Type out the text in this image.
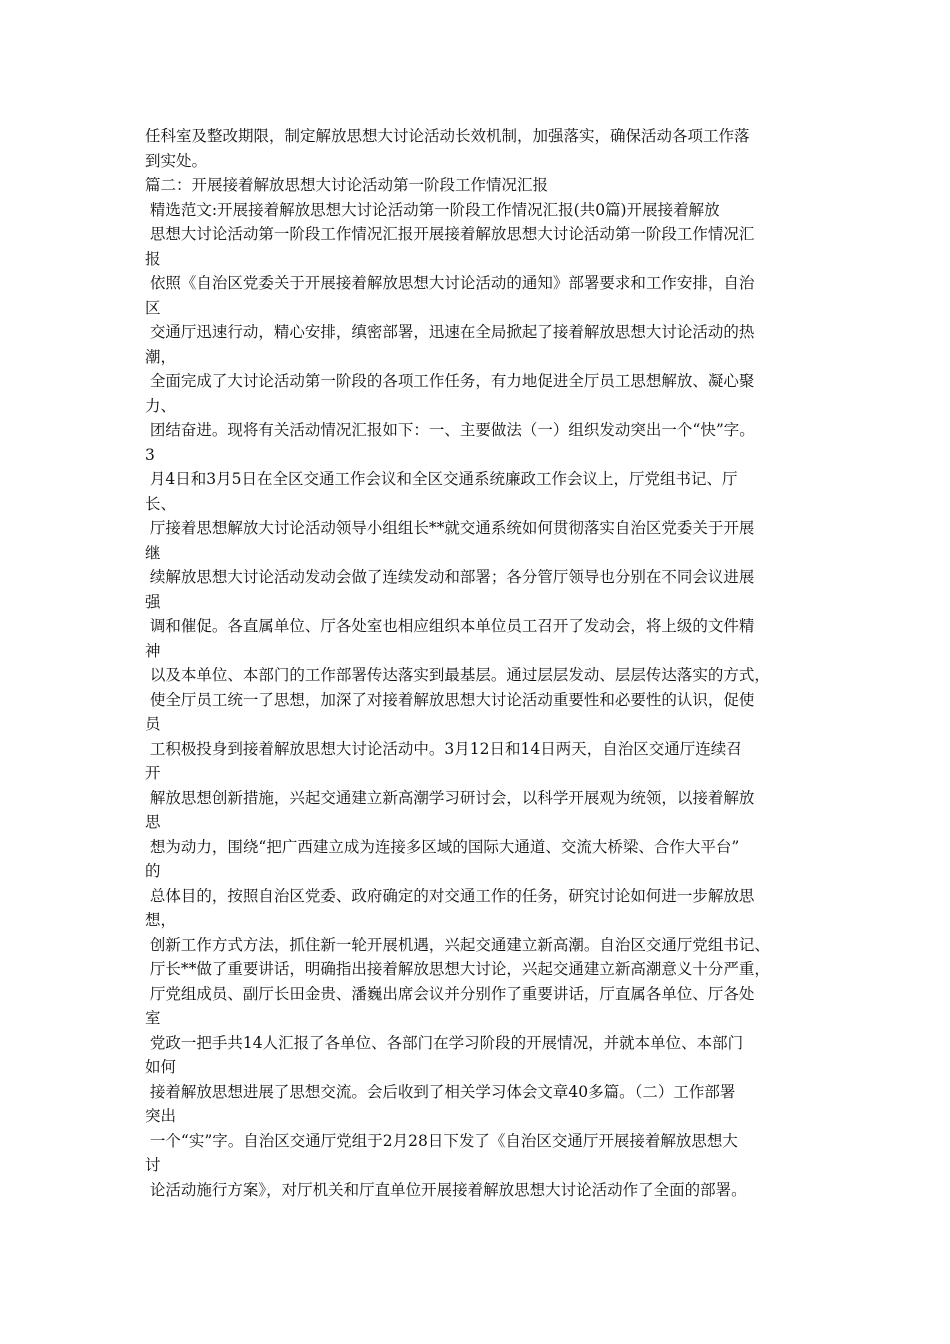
任科室及整改期限，制定解放思想大讨论活动长效机制，加强落实，确保活动各项工作落
到实处。
篇二：开展接着解放思想大讨论活动第一阶段工作情况汇报
精选范文:开展接着解放思想大讨论活动第一阶段工作情况汇报(共0篇)开展接着解放
思想大讨论活动第一阶段工作情况汇报开展接着解放思想大讨论活动第一阶段工作情况汇
报
依照《自治区党委关于开展接着解放思想大讨论活动的通知》部署要求和工作安排，自治
区
交通厅迅速行动，精心安排，缜密部署，迅速在全局掀起了接着解放思想大讨论活动的热
潮，
全面完成了大讨论活动第一阶段的各项工作任务，有力地促进全厅员工思想解放、凝心聚
力、
团结奋进。现将有关活动情况汇报如下：一、主要做法（一）组织发动突出一个“快”字。
3
月4日和3月5日在全区交通工作会议和全区交通系统廉政工作会议上，厅党组书记、厅
长、
厅接着思想解放大讨论活动领导小组组长**就交通系统如何贯彻落实自治区党委关于开展
继
续解放思想大讨论活动发动会做了连续发动和部署；各分管厅领导也分别在不同会议进展
强
调和催促。各直属单位、厅各处室也相应组织本单位员工召开了发动会，将上级的文件精
神
以及本单位、本部门的工作部署传达落实到最基层。通过层层发动、层层传达落实的方式，
使全厅员工统一了思想，加深了对接着解放思想大讨论活动重要性和必要性的认识，促使
员
工积极投身到接着解放思想大讨论活动中。3月12日和14日两天，自治区交通厅连续召
开
解放思想创新措施，兴起交通建立新高潮学习研讨会，以科学开展观为统领，以接着解放
思
想为动力，围绕“把广西建立成为连接多区域的国际大通道、交流大桥梁、合作大平台”
的
总体目的，按照自治区党委、政府确定的对交通工作的任务，研究讨论如何进一步解放思
想，
创新工作方式方法，抓住新一轮开展机遇，兴起交通建立新高潮。自治区交通厅党组书记、
厅长**做了重要讲话，明确指出接着解放思想大讨论，兴起交通建立新高潮意义十分严重，
厅党组成员、副厅长田金贵、潘巍出席会议并分别作了重要讲话，厅直属各单位、厅各处
室
党政一把手共14人汇报了各单位、各部门在学习阶段的开展情况，并就本单位、本部门
如何
接着解放思想进展了思想交流。会后收到了相关学习体会文章40多篇。（二）工作部署
突出
一个“实”字。自治区交通厅党组于2月28日下发了《自治区交通厅开展接着解放思想大
讨
论活动施行方案》，对厅机关和厅直单位开展接着解放思想大讨论活动作了全面的部署。
